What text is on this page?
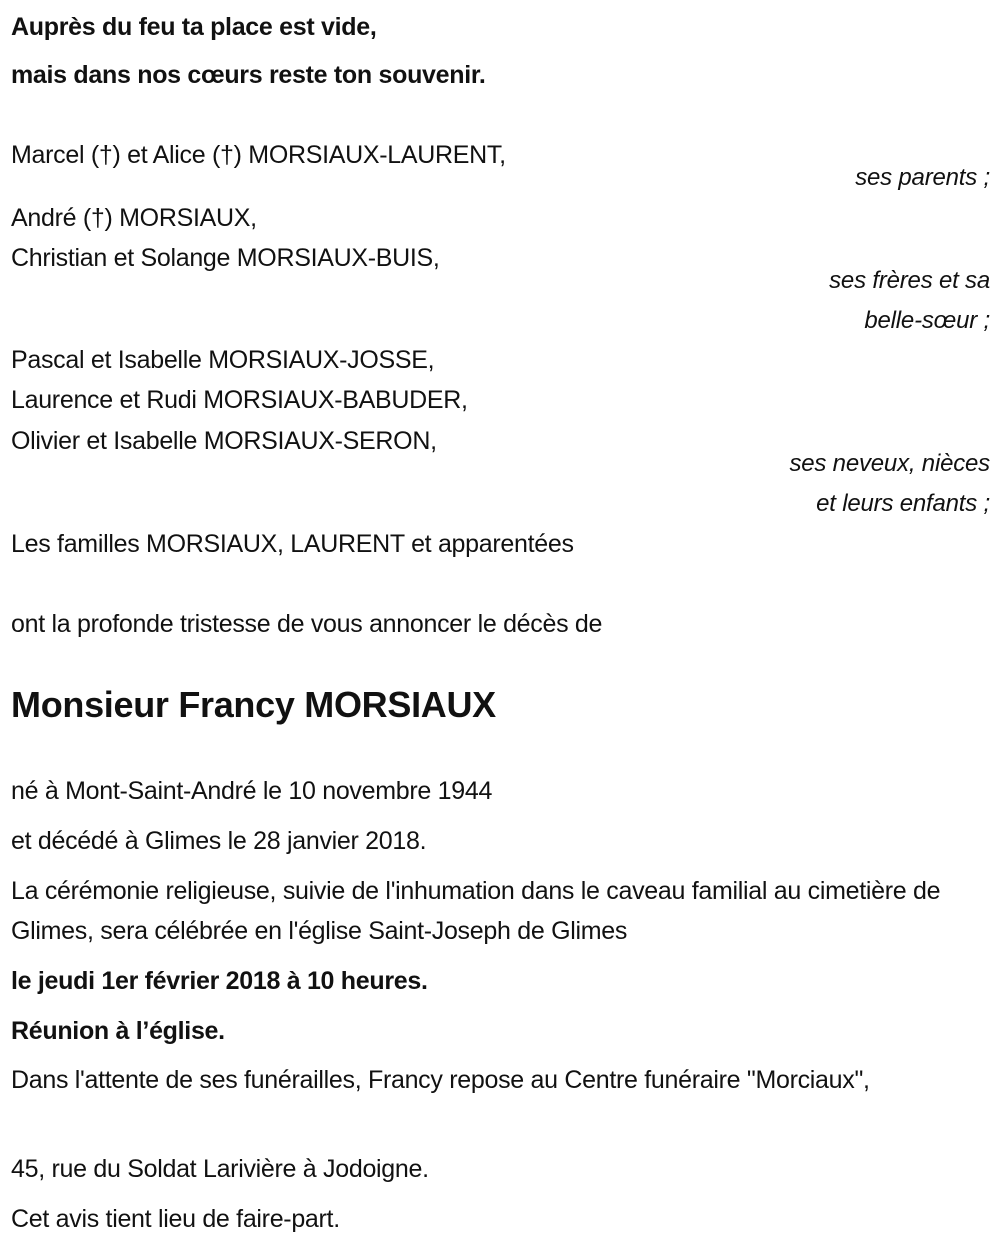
Auprès du feu ta place est vide,
mais dans nos cœurs reste ton souvenir.
Marcel (†) et Alice (†) MORSIAUX-LAURENT,
ses parents ;
André (†) MORSIAUX,
Christian et Solange MORSIAUX-BUIS,
ses frères et sa
belle-sœur ;
Pascal et Isabelle MORSIAUX-JOSSE,
Laurence et Rudi MORSIAUX-BABUDER,
Olivier et Isabelle MORSIAUX-SERON,
ses neveux, nièces
et leurs enfants ;
Les familles MORSIAUX, LAURENT et apparentées
ont la profonde tristesse de vous annoncer le décès de
Monsieur Francy MORSIAUX
né à Mont-Saint-André le 10 novembre 1944
et décédé à Glimes le 28 janvier 2018.
La cérémonie religieuse, suivie de l'inhumation dans le caveau familial au cimetière de Glimes, sera célébrée en l'église Saint-Joseph de Glimes
le jeudi 1er février 2018 à 10 heures.
Réunion à l’église.
Dans l'attente de ses funérailles, Francy repose au Centre funéraire "Morciaux",
45, rue du Soldat Larivière à Jodoigne.
Cet avis tient lieu de faire-part.
